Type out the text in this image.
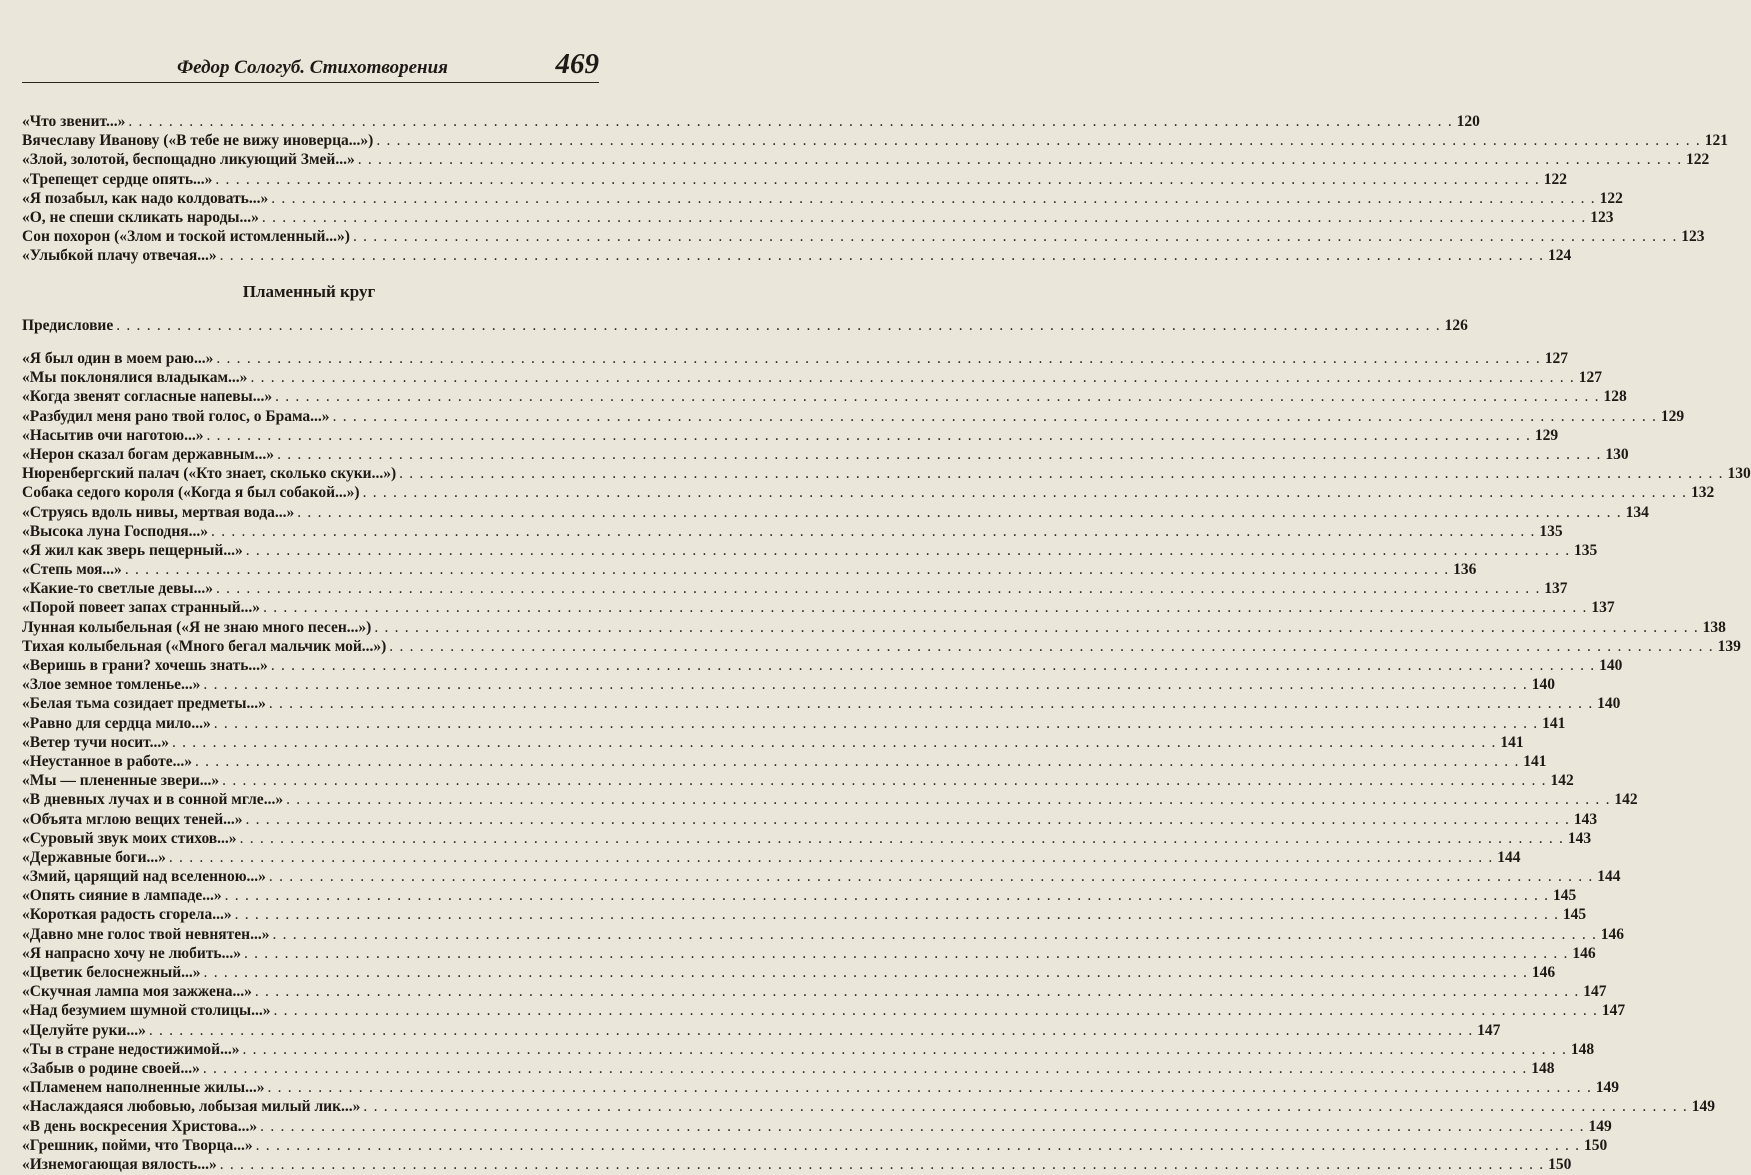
Федор Сологуб. Стихотворения	469
«Что звенит...» . . .	120
Вячеславу Иванову («В тебе не вижу иноверца...») . . .	121
«Злой, золотой, беспощадно ликующий Змей...» . . .	122
«Трепещет сердце опять...» . . .	122
«Я позабыл, как надо колдовать...» . . .	122
«О, не спеши скликать народы...» . . .	123
Сон похорон («Злом и тоской истомленный...») . . .	123
«Улыбкой плачу отвечая...» . . .	124
Пламенный круг
Предисловие . . .	126
«Я был один в моем раю...» . . .	127
«Мы поклонялися владыкам...» . . .	127
«Когда звенят согласные напевы...» . . .	128
«Разбудил меня рано твой голос, о Брама...» . . .	129
«Насытив очи наготою...» . . .	129
«Нерон сказал богам державным...» . . .	130
Нюренбергский палач («Кто знает, сколько скуки...») . . .	130
Собака седого короля («Когда я был собакой...») . . .	132
«Струясь вдоль нивы, мертвая вода...» . . .	134
«Высока луна Господня...» . . .	135
«Я жил как зверь пещерный...» . . .	135
«Степь моя...» . . .	136
«Какие-то светлые девы...» . . .	137
«Порой повеет запах странный...» . . .	137
Лунная колыбельная («Я не знаю много песен...») . . .	138
Тихая колыбельная («Много бегал мальчик мой...») . . .	139
«Веришь в грани? хочешь знать...» . . .	140
«Злое земное томленье...» . . .	140
«Белая тьма созидает предметы...» . . .	140
«Равно для сердца мило...» . . .	141
«Ветер тучи носит...» . . .	141
«Неустанное в работе...» . . .	141
«Мы — плененные звери...» . . .	142
«В дневных лучах и в сонной мгле...» . . .	142
«Объята мглою вещих теней...» . . .	143
«Суровый звук моих стихов...» . . .	143
«Державные боги...» . . .	144
«Змий, царящий над вселенною...» . . .	144
«Опять сияние в лампаде...» . . .	145
«Короткая радость сгорела...» . . .	145
«Давно мне голос твой невнятен...» . . .	146
«Я напрасно хочу не любить...» . . .	146
«Цветик белоснежный...» . . .	146
«Скучная лампа моя зажжена...» . . .	147
«Над безумием шумной столицы...» . . .	147
«Целуйте руки...» . . .	147
«Ты в стране недостижимой...» . . .	148
«Забыв о родине своей...» . . .	148
«Пламенем наполненные жилы...» . . .	149
«Наслаждаяся любовью, лобызая милый лик...» . . .	149
«В день воскресения Христова...» . . .	149
«Грешник, пойми, что Творца...» . . .	150
«Изнемогающая вялость...» . . .	150
